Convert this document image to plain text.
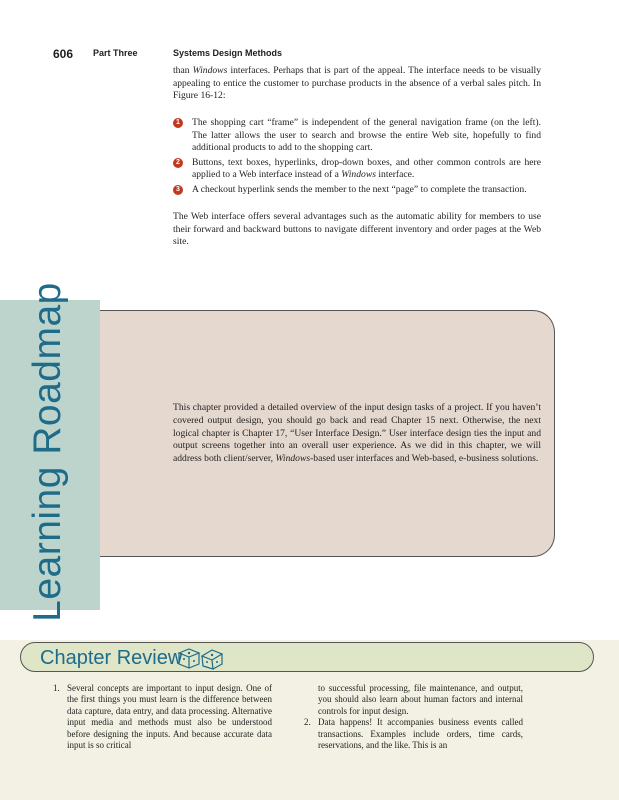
606 Part Three	Systems Design Methods

than Windows interfaces. Perhaps that is part of the appeal. The interface needs to be visually appealing to entice the customer to purchase products in the absence of a verbal sales pitch. In Figure 16-12:

1	The shopping cart “frame” is independent of the general navigation frame (on the left). The latter allows the user to search and browse the entire Web site, hopefully to find additional products to add to the shopping cart.
2	Buttons, text boxes, hyperlinks, drop-down boxes, and other common controls are here applied to a Web interface instead of a Windows interface.
3	A checkout hyperlink sends the member to the next “page” to complete the transaction.

The Web interface offers several advantages such as the automatic ability for members to use their forward and backward buttons to navigate different inventory and order pages at the Web site.

Learning Roadmap	This chapter provided a detailed overview of the input design tasks of a project. If you haven’t covered output design, you should go back and read Chapter 15 next. Otherwise, the next logical chapter is Chapter 17, “User Interface Design.” User interface design ties the input and output screens together into an overall user experience. As we did in this chapter, we will address both client/server, Windows-based user interfaces and Web-based, e-business solutions.

Chapter Review

1. Several concepts are important to input design. One of the first things you must learn is the difference between data capture, data entry, and data processing. Alternative input media and methods must also be understood before designing the inputs. And because accurate data input is so critical

to successful processing, file maintenance, and output, you should also learn about human factors and internal controls for input design.

2. Data happens! It accompanies business events called transactions. Examples include orders, time cards, reservations, and the like. This is an
